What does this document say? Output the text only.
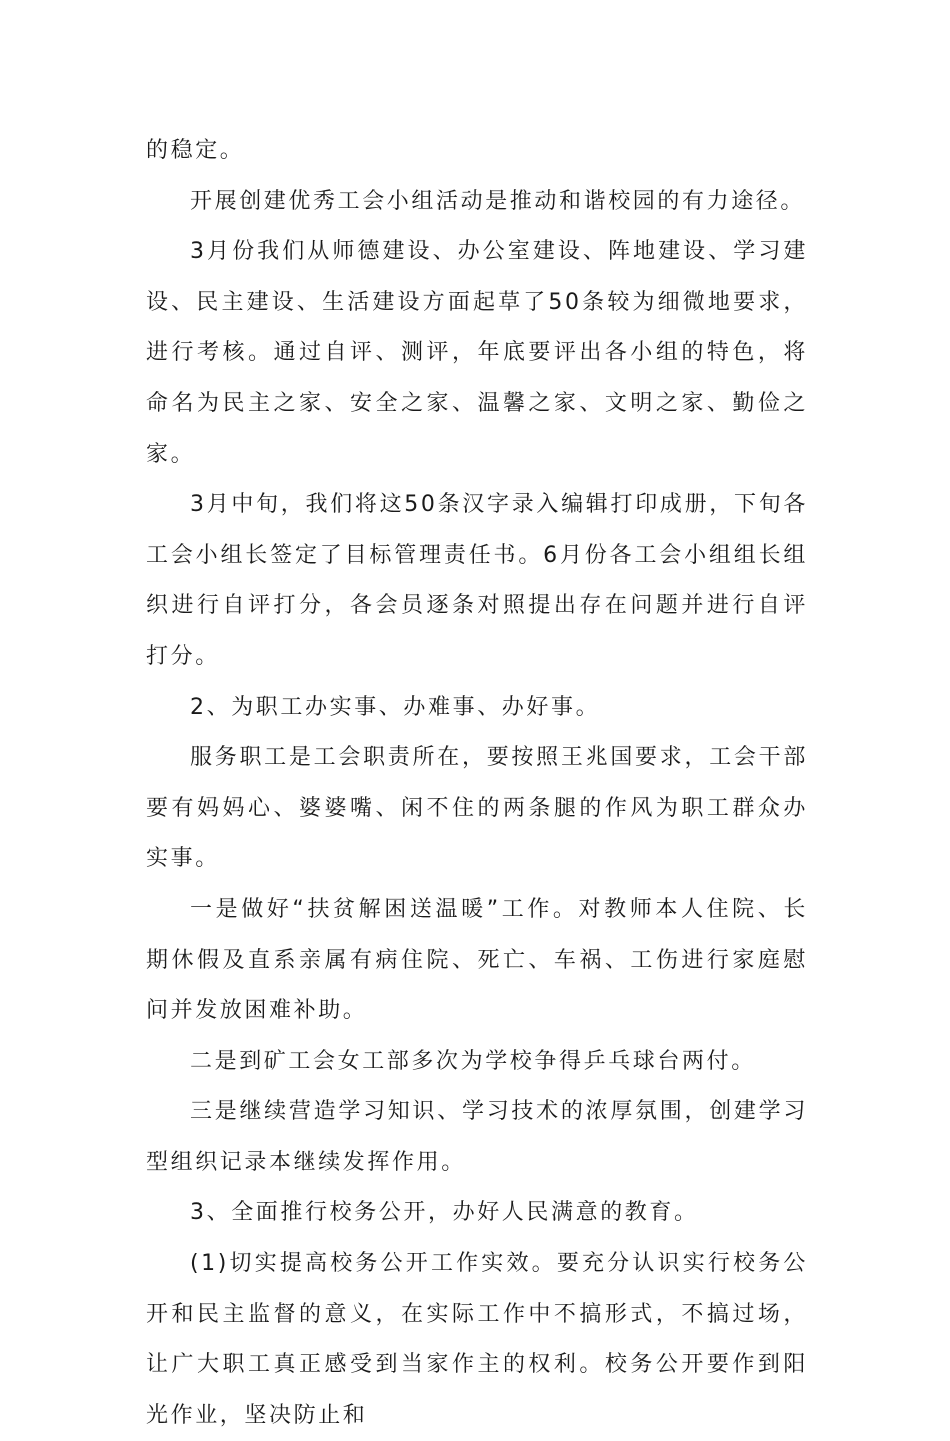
的稳定。

开展创建优秀工会小组活动是推动和谐校园的有力途径。

3月份我们从师德建设、办公室建设、阵地建设、学习建设、民主建设、生活建设方面起草了50条较为细微地要求，进行考核。通过自评、测评，年底要评出各小组的特色，将命名为民主之家、安全之家、温馨之家、文明之家、勤俭之家。

3月中旬，我们将这50条汉字录入编辑打印成册，下旬各工会小组长签定了目标管理责任书。6月份各工会小组组长组织进行自评打分，各会员逐条对照提出存在问题并进行自评打分。

2、为职工办实事、办难事、办好事。

服务职工是工会职责所在，要按照王兆国要求，工会干部要有妈妈心、婆婆嘴、闲不住的两条腿的作风为职工群众办实事。

一是做好“扶贫解困送温暖”工作。对教师本人住院、长期休假及直系亲属有病住院、死亡、车祸、工伤进行家庭慰问并发放困难补助。

二是到矿工会女工部多次为学校争得乒乓球台两付。

三是继续营造学习知识、学习技术的浓厚氛围，创建学习型组织记录本继续发挥作用。

3、全面推行校务公开，办好人民满意的教育。

(1)切实提高校务公开工作实效。要充分认识实行校务公开和民主监督的意义，在实际工作中不搞形式，不搞过场，让广大职工真正感受到当家作主的权利。校务公开要作到阳光作业，坚决防止和
